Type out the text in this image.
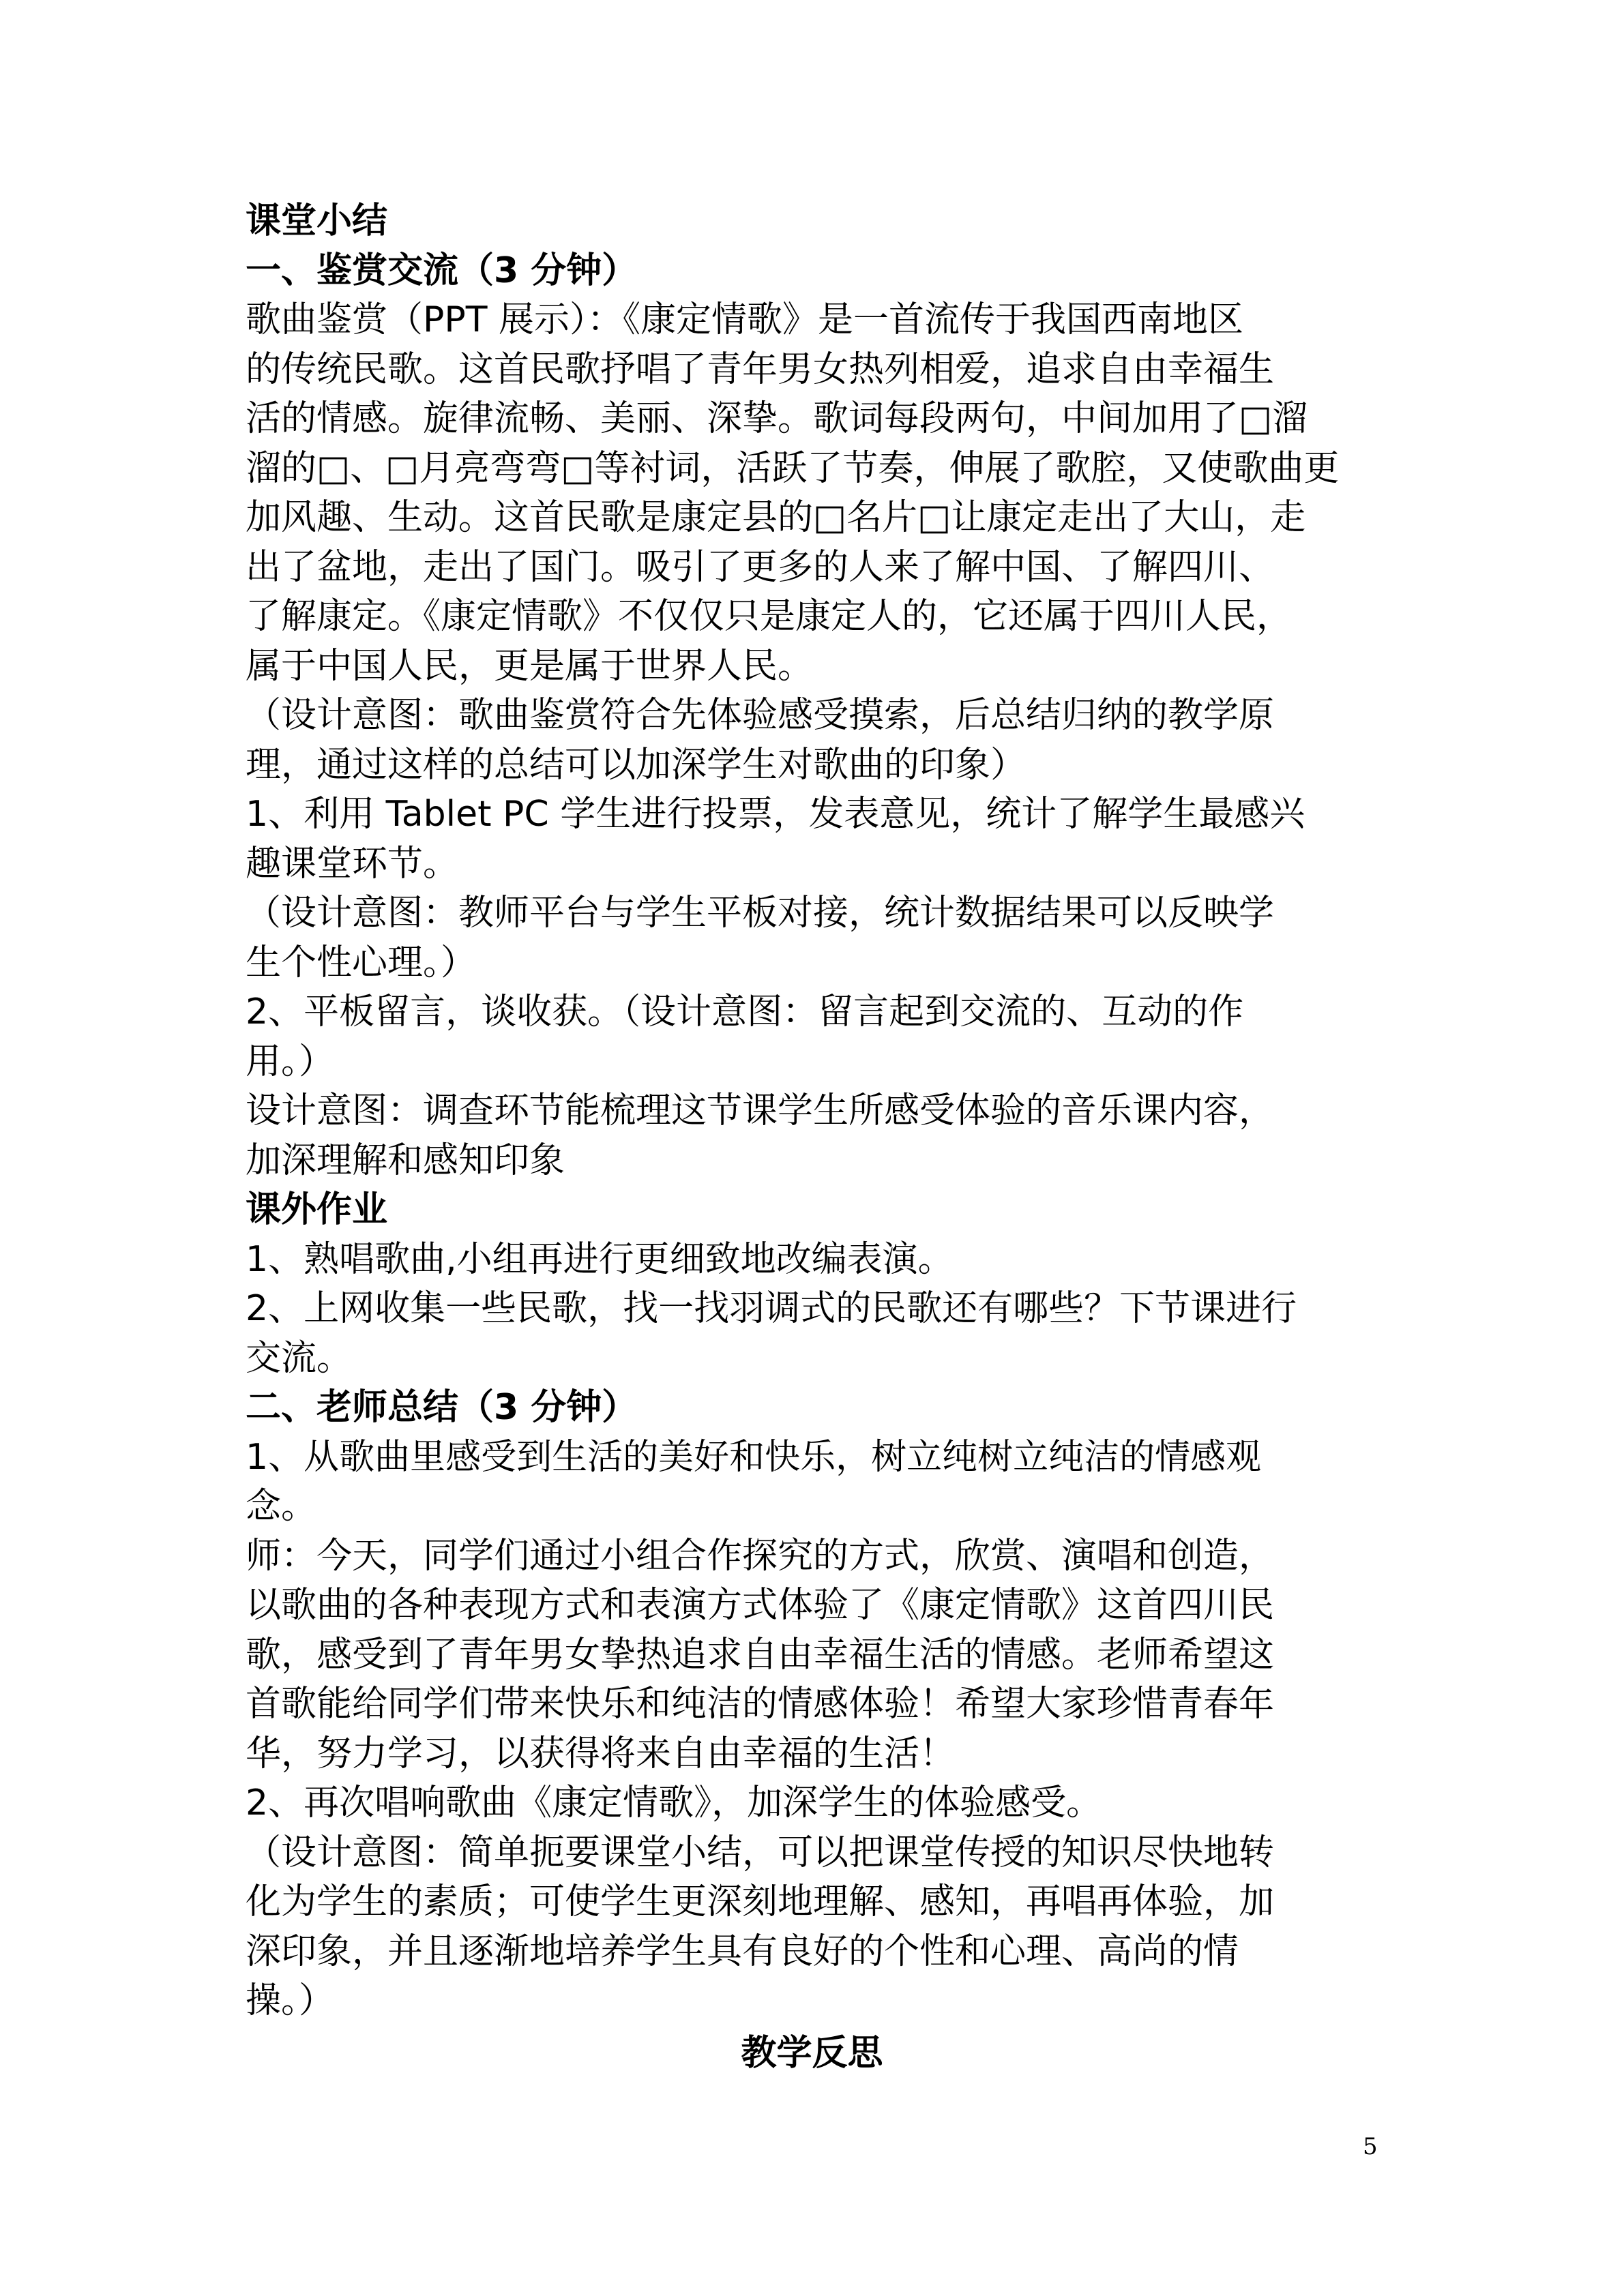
课堂小结

一、鉴赏交流（3 分钟）

歌曲鉴赏（PPT 展示）：《康定情歌》是一首流传于我国西南地区

的传统民歌。这首民歌抒唱了青年男女热列相爱，追求自由幸福生

活的情感。旋律流畅、美丽、深挚。歌词每段两句，中间加用了□溜

溜的□、□月亮弯弯□等衬词，活跃了节奏，伸展了歌腔，又使歌曲更

加风趣、生动。这首民歌是康定县的□名片□让康定走出了大山，走

出了盆地，走出了国门。吸引了更多的人来了解中国、了解四川、

了解康定。《康定情歌》不仅仅只是康定人的，它还属于四川人民，

属于中国人民，更是属于世界人民。

（设计意图：歌曲鉴赏符合先体验感受摸索，后总结归纳的教学原

理，通过这样的总结可以加深学生对歌曲的印象）

1、利用 Tablet PC 学生进行投票，发表意见，统计了解学生最感兴

趣课堂环节。

（设计意图：教师平台与学生平板对接，统计数据结果可以反映学

生个性心理。）

2、平板留言，谈收获。（设计意图：留言起到交流的、互动的作

用。）

设计意图：调查环节能梳理这节课学生所感受体验的音乐课内容，

加深理解和感知印象

课外作业

1、熟唱歌曲,小组再进行更细致地改编表演。

2、上网收集一些民歌，找一找羽调式的民歌还有哪些？下节课进行

交流。

二、老师总结（3 分钟）

1、从歌曲里感受到生活的美好和快乐，树立纯树立纯洁的情感观

念。

师：今天，同学们通过小组合作探究的方式，欣赏、演唱和创造，

以歌曲的各种表现方式和表演方式体验了《康定情歌》这首四川民

歌，感受到了青年男女挚热追求自由幸福生活的情感。老师希望这

首歌能给同学们带来快乐和纯洁的情感体验！希望大家珍惜青春年

华，努力学习，以获得将来自由幸福的生活！

2、再次唱响歌曲《康定情歌》，加深学生的体验感受。

（设计意图：简单扼要课堂小结，可以把课堂传授的知识尽快地转

化为学生的素质；可使学生更深刻地理解、感知，再唱再体验，加

深印象，并且逐渐地培养学生具有良好的个性和心理、高尚的情

操。）

教学反思
5
